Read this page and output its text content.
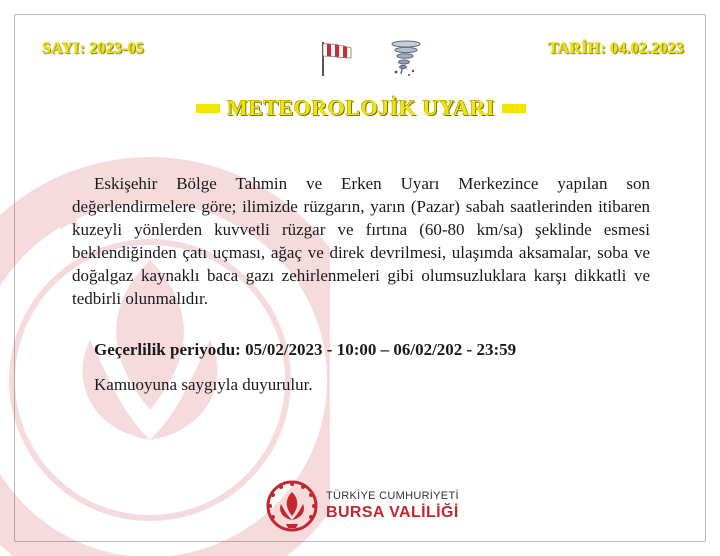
SAYI: 2023-05	TARİH: 04.02.2023
METEOROLOJİK UYARI

Eskişehir Bölge Tahmin ve Erken Uyarı Merkezince yapılan son değerlendirmelere göre; ilimizde rüzgarın, yarın (Pazar) sabah saatlerinden itibaren kuzeyli yönlerden kuvvetli rüzgar ve fırtına (60-80 km/sa) şeklinde esmesi beklendiğinden çatı uçması, ağaç ve direk devrilmesi, ulaşımda aksamalar, soba ve doğalgaz kaynaklı baca gazı zehirlenmeleri gibi olumsuzluklara karşı dikkatli ve tedbirli olunmalıdır.

Geçerlilik periyodu: 05/02/2023 - 10:00 – 06/02/202 - 23:59
Kamuoyuna saygıyla duyurulur.
TÜRKİYE CUMHURİYETİ
BURSA VALİLİĞİ
